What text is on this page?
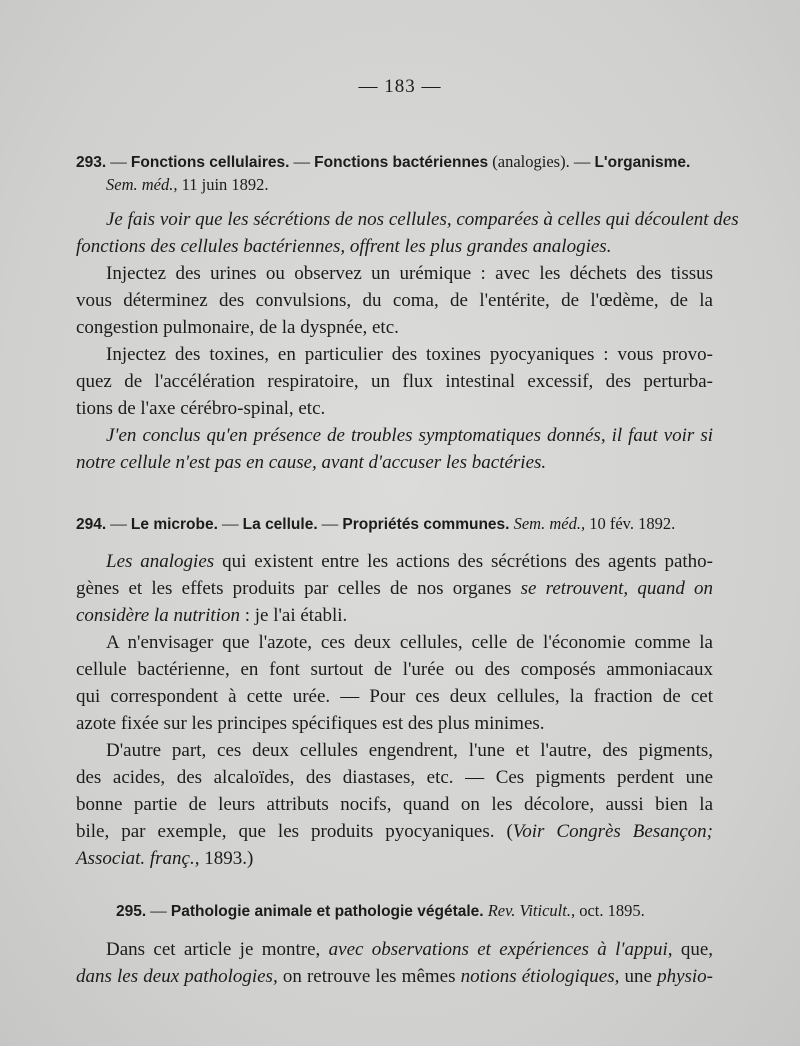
— 183 —
293. — Fonctions cellulaires. — Fonctions bactériennes (analogies). — L'organisme.
Sem. méd., 11 juin 1892.
Je fais voir que les sécrétions de nos cellules, comparées à celles qui découlent des
fonctions des cellules bactériennes, offrent les plus grandes analogies.
Injectez des urines ou observez un urémique : avec les déchets des tissus
vous déterminez des convulsions, du coma, de l'entérite, de l'œdème, de la
congestion pulmonaire, de la dyspnée, etc.
Injectez des toxines, en particulier des toxines pyocyaniques : vous provo-
quez de l'accélération respiratoire, un flux intestinal excessif, des perturba-
tions de l'axe cérébro-spinal, etc.
J'en conclus qu'en présence de troubles symptomatiques donnés, il faut voir si
notre cellule n'est pas en cause, avant d'accuser les bactéries.
294. — Le microbe. — La cellule. — Propriétés communes. Sem. méd., 10 fév. 1892.
Les analogies qui existent entre les actions des sécrétions des agents patho-
gènes et les effets produits par celles de nos organes se retrouvent, quand on
considère la nutrition : je l'ai établi.
A n'envisager que l'azote, ces deux cellules, celle de l'économie comme la
cellule bactérienne, en font surtout de l'urée ou des composés ammoniacaux
qui correspondent à cette urée. — Pour ces deux cellules, la fraction de cet
azote fixée sur les principes spécifiques est des plus minimes.
D'autre part, ces deux cellules engendrent, l'une et l'autre, des pigments,
des acides, des alcaloïdes, des diastases, etc. — Ces pigments perdent une
bonne partie de leurs attributs nocifs, quand on les décolore, aussi bien la
bile, par exemple, que les produits pyocyaniques. (Voir Congrès Besançon;
Associat. franç., 1893.)
295. — Pathologie animale et pathologie végétale. Rev. Viticult., oct. 1895.
Dans cet article je montre, avec observations et expériences à l'appui, que,
dans les deux pathologies, on retrouve les mêmes notions étiologiques, une physio-
